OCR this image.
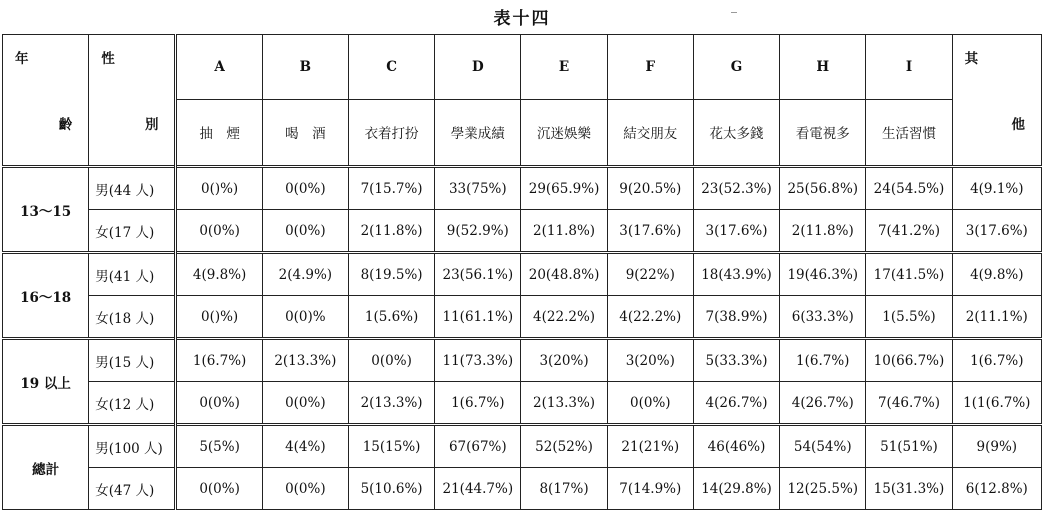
表十四
年	性	A	B	C	D	E	F	G	H	I	其
齡	別	抽　煙	喝　酒	衣着打扮	學業成績	沉迷娛樂	結交朋友	花太多錢	看電視多	生活習慣	他
13～15	男(44 人)	0()%)	0(0%)	7(15.7%)	33(75%)	29(65.9%)	9(20.5%)	23(52.3%)	25(56.8%)	24(54.5%)	4(9.1%)
	女(17 人)	0(0%)	0(0%)	2(11.8%)	9(52.9%)	2(11.8%)	3(17.6%)	3(17.6%)	2(11.8%)	7(41.2%)	3(17.6%)
16～18	男(41 人)	4(9.8%)	2(4.9%)	8(19.5%)	23(56.1%)	20(48.8%)	9(22%)	18(43.9%)	19(46.3%)	17(41.5%)	4(9.8%)
	女(18 人)	0()%)	0(0)%	1(5.6%)	11(61.1%)	4(22.2%)	4(22.2%)	7(38.9%)	6(33.3%)	1(5.5%)	2(11.1%)
19 以上	男(15 人)	1(6.7%)	2(13.3%)	0(0%)	11(73.3%)	3(20%)	3(20%)	5(33.3%)	1(6.7%)	10(66.7%)	1(6.7%)
	女(12 人)	0(0%)	0(0%)	2(13.3%)	1(6.7%)	2(13.3%)	0(0%)	4(26.7%)	4(26.7%)	7(46.7%)	1(1(6.7%)
總計	男(100 人)	5(5%)	4(4%)	15(15%)	67(67%)	52(52%)	21(21%)	46(46%)	54(54%)	51(51%)	9(9%)
	女(47 人)	0(0%)	0(0%)	5(10.6%)	21(44.7%)	8(17%)	7(14.9%)	14(29.8%)	12(25.5%)	15(31.3%)	6(12.8%)
